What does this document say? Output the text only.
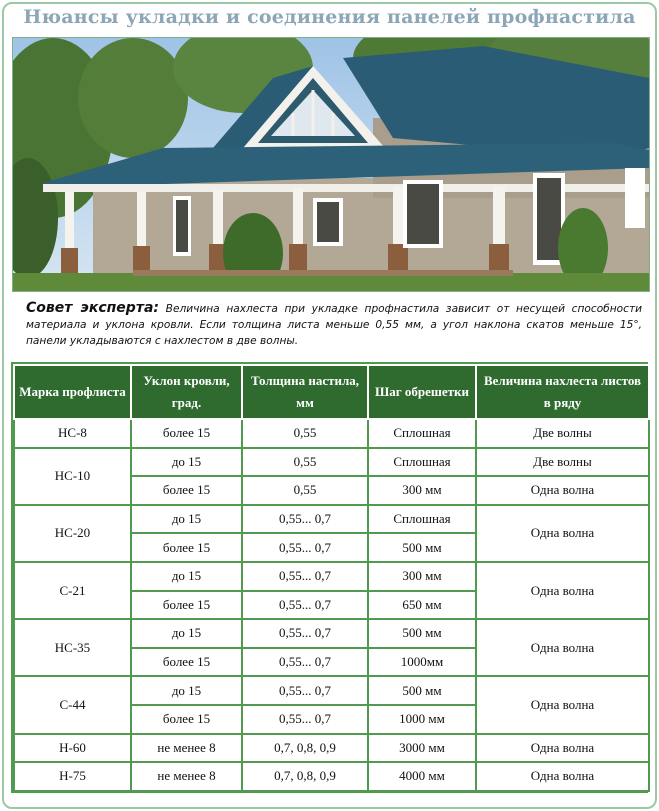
Нюансы укладки и соединения панелей профнастила
Совет эксперта: Величина нахлеста при укладке профнастила зависит от несущей способности материала и уклона кровли. Если толщина листа меньше 0,55 мм, а угол наклона скатов меньше 15°, панели укладываются с нахлестом в две волны.
Марка профлиста	Уклон кровли, град.	Толщина настила, мм	Шаг обрешетки	Величина нахлеста листов в ряду
НС-8	более 15	0,55	Сплошная	Две волны
НС-10	до 15	0,55	Сплошная	Две волны
	более 15	0,55	300 мм	Одна волна
НС-20	до 15	0,55... 0,7	Сплошная	Одна волна
	более 15	0,55... 0,7	500 мм	
С-21	до 15	0,55... 0,7	300 мм	Одна волна
	более 15	0,55... 0,7	650 мм	
НС-35	до 15	0,55... 0,7	500 мм	Одна волна
	более 15	0,55... 0,7	1000мм	
С-44	до 15	0,55... 0,7	500 мм	Одна волна
	более 15	0,55... 0,7	1000 мм	
Н-60	не менее 8	0,7, 0,8, 0,9	3000 мм	Одна волна
Н-75	не менее 8	0,7, 0,8, 0,9	4000 мм	Одна волна
